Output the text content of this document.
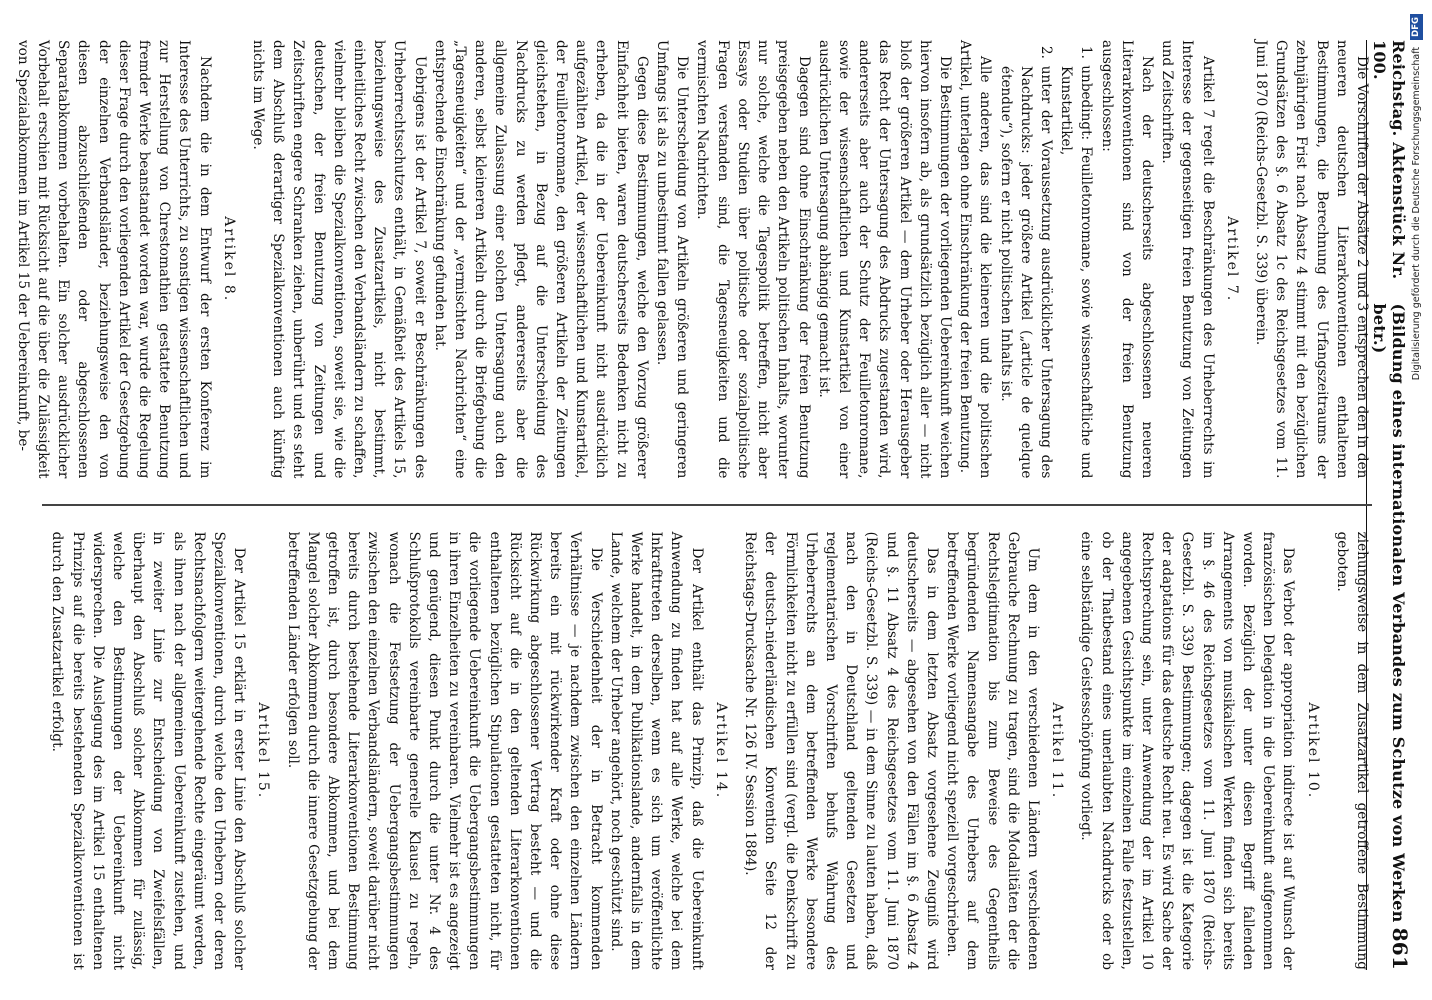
Reichstag. Aktenstück Nr. 100.
(Bildung eines internationalen Verbandes zum Schutze von Werken betr.)
861

Die Vorschriften der Absätze 2 und 3 entsprechen den in den neueren deutschen Literarkonventionen enthaltenen Bestimmungen, die Berechnung des Urfangszeitraums der zehnjährigen Frist nach Absatz 4 stimmt mit den bezüglichen Grundsätzen des §. 6 Absatz 1c des Reichsgesetzes vom 11. Juni 1870 (Reichs-Gesetzbl. S. 339) überein.

Artikel 7.

Artikel 7 regelt die Beschränkungen des Urheberrechts im Interesse der gegenseitigen freien Benutzung von Zeitungen und Zeitschriften.

Nach der deutscherseits abgeschlossenen neueren Literarkonventionen sind von der freien Benutzung ausgeschlossen:

1. unbedingt: Feuilletonromane, sowie wissenschaftliche und Kunstartikel,

2. unter der Voraussetzung ausdrücklicher Untersagung des Nachdrucks: jeder größere Artikel („article de quelque étendue“), sofern er nicht politischen Inhalts ist.

Alle anderen, das sind die kleineren und die politischen Artikel, unterlagen ohne Einschränkung der freien Benutzung.

Die Bestimmungen der vorliegenden Uebereinkunft weichen hiervon insofern ab, als grundsätzlich bezüglich aller — nicht bloß der größeren Artikel — dem Urheber oder Herausgeber das Recht der Untersagung des Abdrucks zugestanden wird, andererseits aber auch der Schutz der Feuilletonromane, sowie der wissenschaftlichen und Kunstartikel von einer ausdrücklichen Untersagung abhängig gemacht ist.

Dagegen sind ohne Einschränkung der freien Benutzung preisgegeben neben den Artikeln politischen Inhalts, worunter nur solche, welche die Tagespolitik betreffen, nicht aber Essays oder Studien über politische oder sozialpolitische Fragen verstanden sind, die Tagesneuigkeiten und die vermischten Nachrichten.

Die Unterscheidung von Artikeln größeren und geringeren Umfangs ist als zu unbestimmt fallen gelassen.

Gegen diese Bestimmungen, welche den Vorzug größerer Einfachheit bieten, waren deutscherseits Bedenken nicht zu erheben, da die in der Uebereinkunft nicht ausdrücklich aufgezählten Artikel, der wissenschaftlichen und Kunstartikel, der Feuilletonromane, den größeren Artikeln der Zeitungen gleichstehen, in Bezug auf die Unterscheidung des Nachdrucks zu werden pflegt, andererseits aber die allgemeine Zulassung einer solchen Untersagung auch den anderen, selbst kleineren Artikeln durch die Briefgebung die „Tagesneuigkeiten“ und der „vermischten Nachrichten“ eine entsprechende Einschränkung gefunden hat.

Uebrigens ist der Artikel 7, soweit er Beschränkungen des Urheberrechtsschutzes enthält, in Gemäßheit des Artikels 15, beziehungsweise des Zusatzartikels, nicht bestimmt, einheitliches Recht zwischen den Verbandsländern zu schaffen, vielmehr bleiben die Spezialkonventionen, soweit sie, wie die deutschen, der freien Benutzung von Zeitungen und Zeitschriften engere Schranken ziehen, unberührt und es steht dem Abschluß derartiger Spezialkonventionen auch künftig nichts im Wege.

Artikel 8.

Nachdem die in dem Entwurf der ersten Konferenz im Interesse des Unterrichts, zu sonstigen wissenschaftlichen und zur Herstellung von Chrestomathien gestattete Benutzung fremder Werke beanstandet worden war, wurde die Regelung dieser Frage durch den vorliegenden Artikel der Gesetzgebung der einzelnen Verbandsländer, beziehungsweise den von diesen abzuschließenden oder abgeschlossenen Separatabkommen vorbehalten. Ein solcher ausdrücklicher Vorbehalt erschien mit Rücksicht auf die über die Zulässigkeit von Spezialabkommen im Artikel 15 der Uebereinkunft, be-

ziehungsweise in dem Zusatzartikel getroffene Bestimmung geboten.

Artikel 10.

Das Verbot der appropriation indirecte ist auf Wunsch der französischen Delegation in die Uebereinkunft aufgenommen worden. Bezüglich der unter diesen Begriff fallenden Arrangements von musikalischen Werken finden sich bereits im §. 46 des Reichsgesetzes vom 11. Juni 1870 (Reichs-Gesetzbl. S. 339) Bestimmungen; dagegen ist die Kategorie der adaptations für das deutsche Recht neu. Es wird Sache der Rechtsprechung sein, unter Anwendung der im Artikel 10 angegebenen Gesichtspunkte im einzelnen Falle festzustellen, ob der Thatbestand eines unerlaubten Nachdrucks oder ob eine selbständige Geistesschöpfung vorliegt.

Artikel 11.

Um dem in den verschiedenen Ländern verschiedenen Gebrauche Rechnung zu tragen, sind die Modalitäten der die Rechtslegitimation bis zum Beweise des Gegentheils begründenden Namensangabe des Urhebers auf dem betreffenden Werke vorliegend nicht speziell vorgeschrieben.

Das in dem letzten Absatz vorgesehene Zeugniß wird deutscherseits — abgesehen von den Fällen im §. 6 Absatz 4 und §. 11 Absatz 4 des Reichsgesetzes vom 11. Juni 1870 (Reichs-Gesetzbl. S. 339) — in dem Sinne zu lauten haben, daß nach den in Deutschland geltenden Gesetzen und reglementarischen Vorschriften behufs Wahrung des Urheberrechts an dem betreffenden Werke besondere Förmlichkeiten nicht zu erfüllen sind (vergl. die Denkschrift zu der deutsch-niederländischen Konvention Seite 12 der Reichstags-Drucksache Nr. 126 IV. Session 1884).

Artikel 14.

Der Artikel enthält das Prinzip, daß die Uebereinkunft Anwendung zu finden hat auf alle Werke, welche bei dem Inkrafttreten derselben, wenn es sich um veröffentlichte Werke handelt, in dem Publikationslande, andernfalls in dem Lande, welchem der Urheber angehört, noch geschützt sind.

Die Verschiedenheit der in Betracht kommenden Verhältnisse — je nachdem zwischen den einzelnen Ländern bereits ein mit rückwirkender Kraft oder ohne diese Rückwirkung abgeschlossener Vertrag besteht — und die Rücksicht auf die in den geltenden Literarkonventionen enthaltenen bezüglichen Stipulationen gestatteten nicht, für die vorliegende Uebereinkunft die Uebergangsbestimmungen in ihren Einzelheiten zu vereinbaren. Vielmehr ist es angezeigt und genügend, diesen Punkt durch die unter Nr. 4 des Schlußprotokolls vereinbarte generelle Klausel zu regeln, wonach die Festsetzung der Uebergangsbestimmungen zwischen den einzelnen Verbandsländern, soweit darüber nicht bereits durch bestehende Literarkonventionen Bestimmung getroffen ist, durch besondere Abkommen, und bei dem Mangel solcher Abkommen durch die innere Gesetzgebung der betreffenden Länder erfolgen soll.

Artikel 15.

Der Artikel 15 erklärt in erster Linie den Abschluß solcher Spezialkonventionen, durch welche den Urhebern oder deren Rechtsnachfolgern weitergehende Rechte eingeräumt werden, als ihnen nach der allgemeinen Uebereinkunft zustehen, und in zweiter Linie zur Entscheidung von Zweifelsfällen, überhaupt den Abschluß solcher Abkommen für zulässig, welche den Bestimmungen der Uebereinkunft nicht widersprechen. Die Auslegung des im Artikel 15 enthaltenen Prinzips auf die bereits bestehenden Spezialkonventionen ist durch den Zusatzartikel erfolgt.

Digitalisierung gefördert durch die Deutsche Forschungsgemeinschaft DFG
